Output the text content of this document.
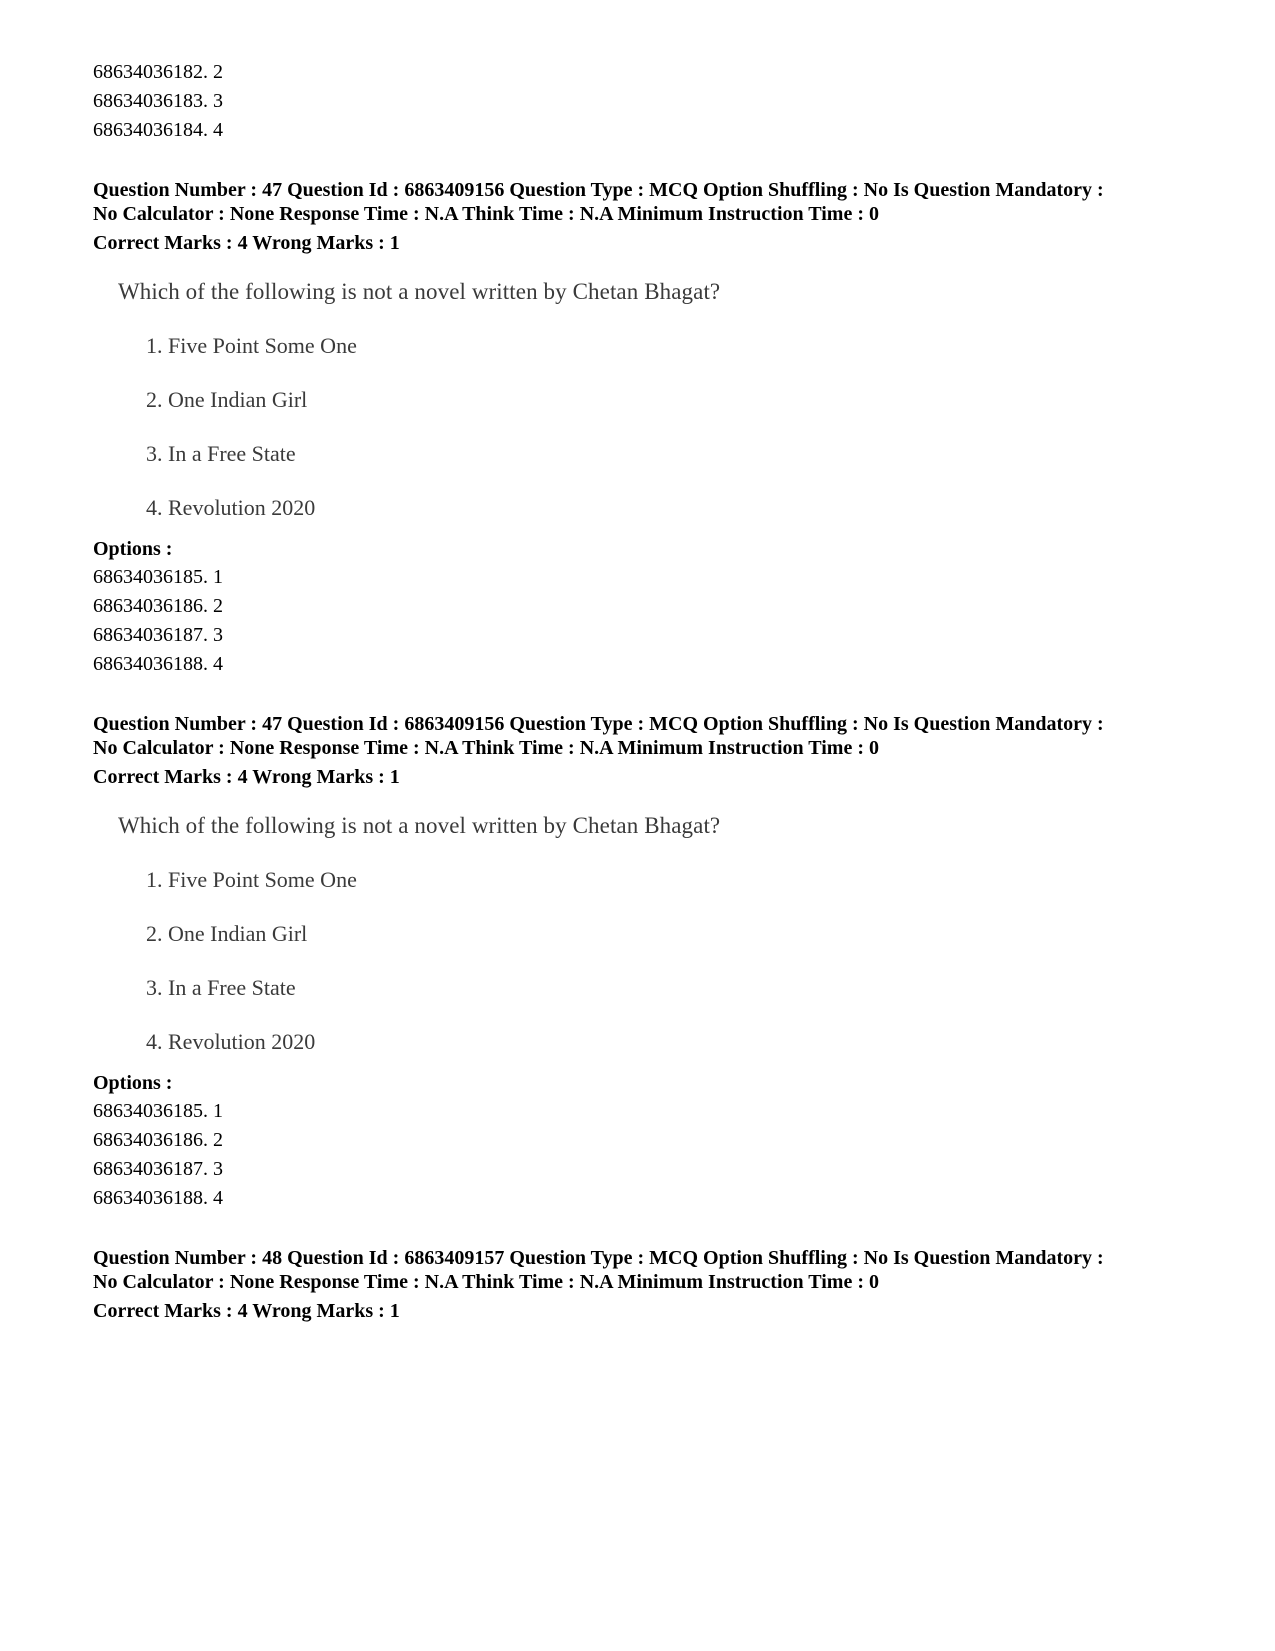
68634036182. 2
68634036183. 3
68634036184. 4
Question Number : 47 Question Id : 6863409156 Question Type : MCQ Option Shuffling : No Is Question Mandatory :
No Calculator : None Response Time : N.A Think Time : N.A Minimum Instruction Time : 0
Correct Marks : 4 Wrong Marks : 1
Which of the following is not a novel written by Chetan Bhagat?
1. Five Point Some One
2. One Indian Girl
3. In a Free State
4. Revolution 2020
Options :
68634036185. 1
68634036186. 2
68634036187. 3
68634036188. 4
Question Number : 47 Question Id : 6863409156 Question Type : MCQ Option Shuffling : No Is Question Mandatory :
No Calculator : None Response Time : N.A Think Time : N.A Minimum Instruction Time : 0
Correct Marks : 4 Wrong Marks : 1
Which of the following is not a novel written by Chetan Bhagat?
1. Five Point Some One
2. One Indian Girl
3. In a Free State
4. Revolution 2020
Options :
68634036185. 1
68634036186. 2
68634036187. 3
68634036188. 4
Question Number : 48 Question Id : 6863409157 Question Type : MCQ Option Shuffling : No Is Question Mandatory :
No Calculator : None Response Time : N.A Think Time : N.A Minimum Instruction Time : 0
Correct Marks : 4 Wrong Marks : 1
